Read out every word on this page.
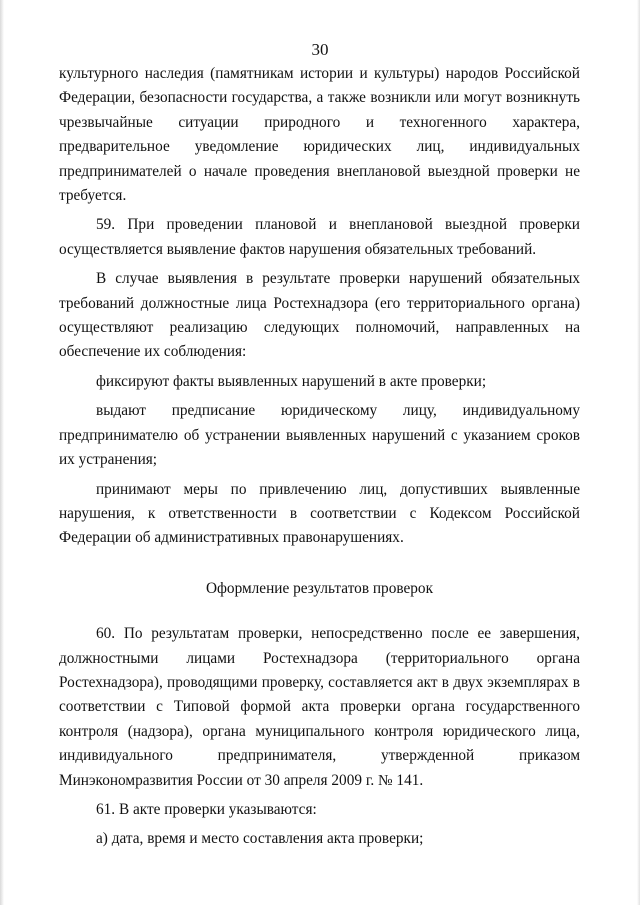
30

культурного наследия (памятникам истории и культуры) народов Российской Федерации, безопасности государства, а также возникли или могут возникнуть чрезвычайные ситуации природного и техногенного характера, предварительное уведомление юридических лиц, индивидуальных предпринимателей о начале проведения внеплановой выездной проверки не требуется.

59. При проведении плановой и внеплановой выездной проверки осуществляется выявление фактов нарушения обязательных требований.

В случае выявления в результате проверки нарушений обязательных требований должностные лица Ростехнадзора (его территориального органа) осуществляют реализацию следующих полномочий, направленных на обеспечение их соблюдения:

фиксируют факты выявленных нарушений в акте проверки;

выдают предписание юридическому лицу, индивидуальному предпринимателю об устранении выявленных нарушений с указанием сроков их устранения;

принимают меры по привлечению лиц, допустивших выявленные нарушения, к ответственности в соответствии с Кодексом Российской Федерации об административных правонарушениях.

Оформление результатов проверок

60. По результатам проверки, непосредственно после ее завершения, должностными лицами Ростехнадзора (территориального органа Ростехнадзора), проводящими проверку, составляется акт в двух экземплярах в соответствии с Типовой формой акта проверки органа государственного контроля (надзора), органа муниципального контроля юридического лица, индивидуального предпринимателя, утвержденной приказом Минэкономразвития России от 30 апреля 2009 г. № 141.

61. В акте проверки указываются:

а) дата, время и место составления акта проверки;
